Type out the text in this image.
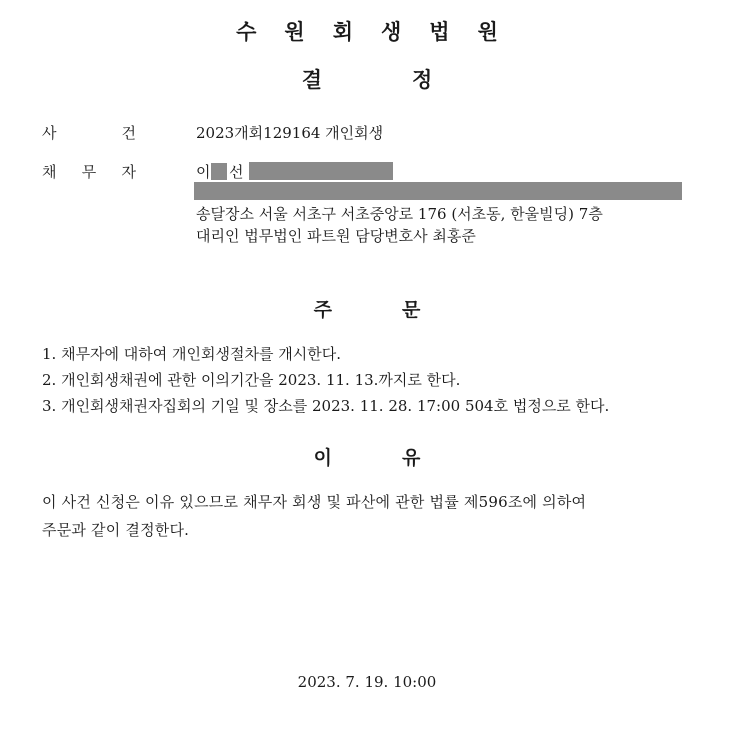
수 원 회 생 법 원
결	정
사	건	2023개회129164 개인회생
채 무 자	이 선
송달장소 서울 서초구 서초중앙로 176 (서초동, 한울빌딩) 7층
대리인 법무법인 파트원 담당변호사 최홍준
주	문
1. 채무자에 대하여 개인회생절차를 개시한다.
2. 개인회생채권에 관한 이의기간을 2023. 11. 13.까지로 한다.
3. 개인회생채권자집회의 기일 및 장소를 2023. 11. 28. 17:00 504호 법정으로 한다.
이	유
이 사건 신청은 이유 있으므로 채무자 회생 및 파산에 관한 법률 제596조에 의하여
주문과 같이 결정한다.
2023. 7. 19. 10:00
